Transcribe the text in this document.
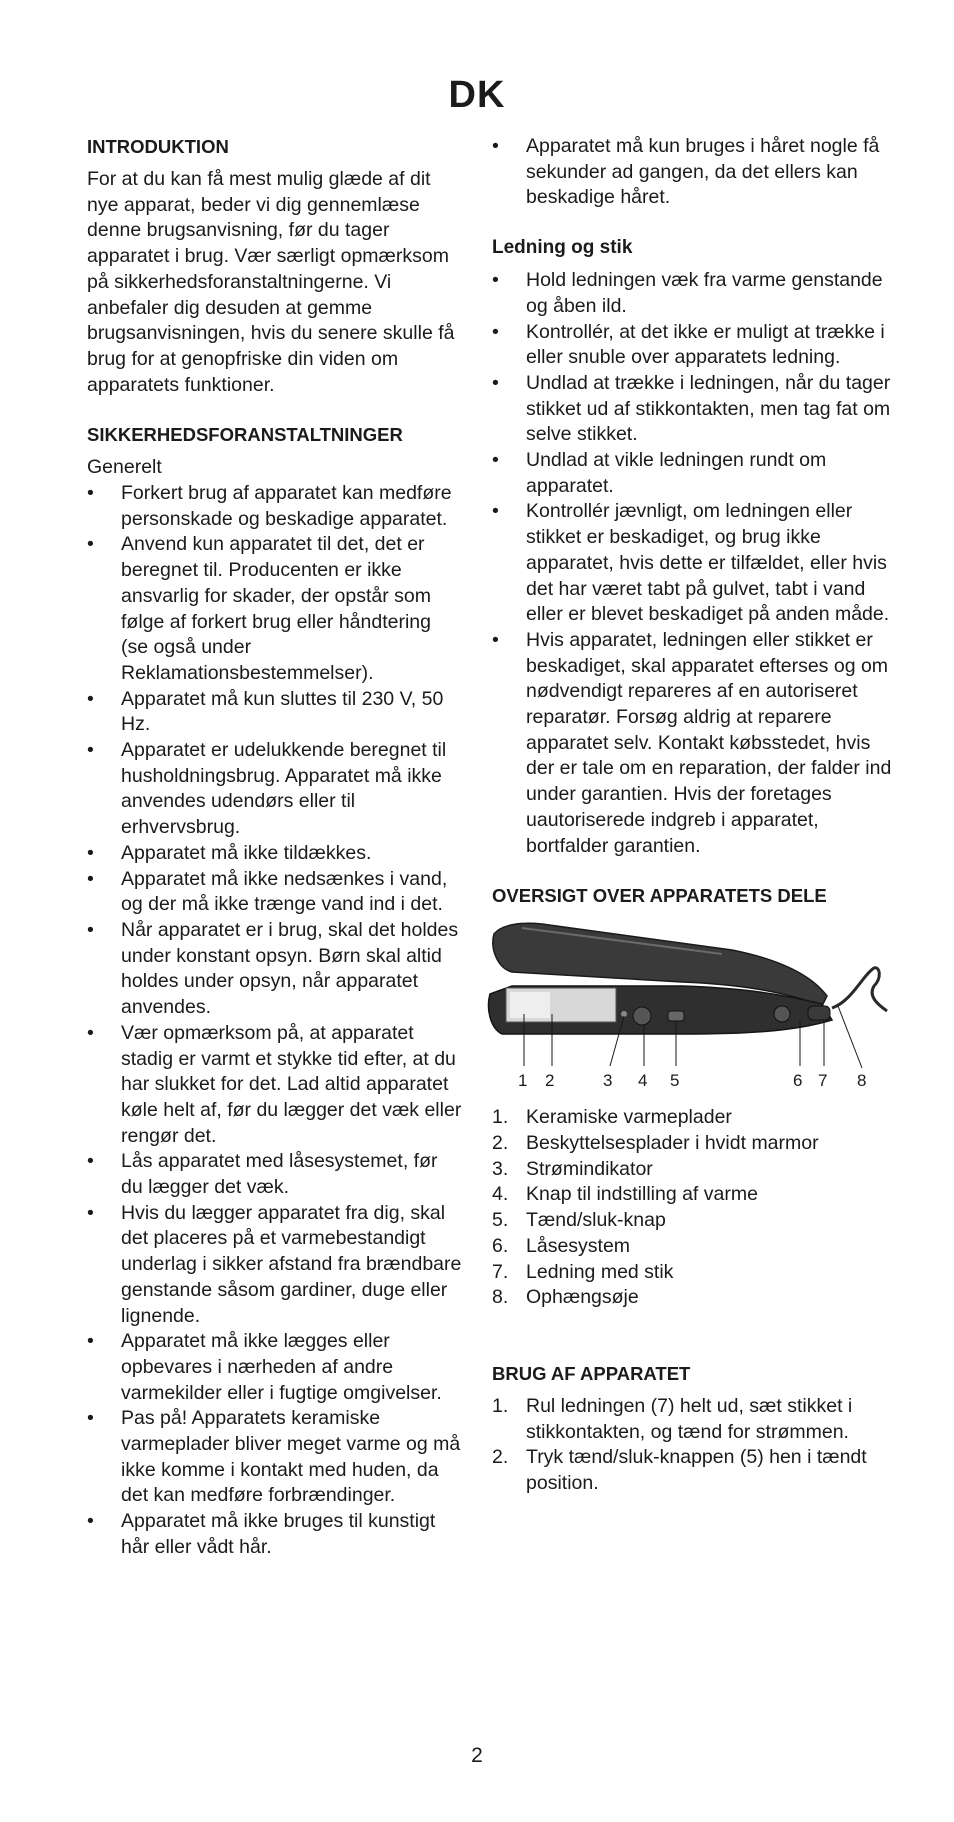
DK
INTRODUKTION

For at du kan få mest mulig glæde af dit nye apparat, beder vi dig gennemlæse denne brugsanvisning, før du tager apparatet i brug. Vær særligt opmærksom på sikkerhedsforanstaltningerne. Vi anbefaler dig desuden at gemme brugsanvisningen, hvis du senere skulle få brug for at genopfriske din viden om apparatets funktioner.

SIKKERHEDSFORANSTALTNINGER

Generelt

• Forkert brug af apparatet kan medføre personskade og beskadige apparatet.
• Anvend kun apparatet til det, det er beregnet til. Producenten er ikke ansvarlig for skader, der opstår som følge af forkert brug eller håndtering (se også under Reklamationsbestemmelser).
• Apparatet må kun sluttes til 230 V, 50 Hz.
• Apparatet er udelukkende beregnet til husholdningsbrug. Apparatet må ikke anvendes udendørs eller til erhvervsbrug.
• Apparatet må ikke tildækkes.
• Apparatet må ikke nedsænkes i vand, og der må ikke trænge vand ind i det.
• Når apparatet er i brug, skal det holdes under konstant opsyn. Børn skal altid holdes under opsyn, når apparatet anvendes.
• Vær opmærksom på, at apparatet stadig er varmt et stykke tid efter, at du har slukket for det. Lad altid apparatet køle helt af, før du lægger det væk eller rengør det.
• Lås apparatet med låsesystemet, før du lægger det væk.
• Hvis du lægger apparatet fra dig, skal det placeres på et varmebestandigt underlag i sikker afstand fra brændbare genstande såsom gardiner, duge eller lignende.
• Apparatet må ikke lægges eller opbevares i nærheden af andre varmekilder eller i fugtige omgivelser.
• Pas på! Apparatets keramiske varmeplader bliver meget varme og må ikke komme i kontakt med huden, da det kan medføre forbrændinger.
• Apparatet må ikke bruges til kunstigt hår eller vådt hår.
• Apparatet må kun bruges i håret nogle få sekunder ad gangen, da det ellers kan beskadige håret.
Ledning og stik
• Hold ledningen væk fra varme genstande og åben ild.
• Kontrollér, at det ikke er muligt at trække i eller snuble over apparatets ledning.
• Undlad at trække i ledningen, når du tager stikket ud af stikkontakten, men tag fat om selve stikket.
• Undlad at vikle ledningen rundt om apparatet.
• Kontrollér jævnligt, om ledningen eller stikket er beskadiget, og brug ikke apparatet, hvis dette er tilfældet, eller hvis det har været tabt på gulvet, tabt i vand eller er blevet beskadiget på anden måde.
• Hvis apparatet, ledningen eller stikket er beskadiget, skal apparatet efterses og om nødvendigt repareres af en autoriseret reparatør. Forsøg aldrig at reparere apparatet selv. Kontakt købsstedet, hvis der er tale om en reparation, der falder ind under garantien. Hvis der foretages uautoriserede indgreb i apparatet, bortfalder garantien.
OVERSIGT OVER APPARATETS DELE
1 2	3 4 5	6 7 8
1. Keramiske varmeplader
2. Beskyttelsesplader i hvidt marmor
3. Strømindikator
4. Knap til indstilling af varme
5. Tænd/sluk-knap
6. Låsesystem
7. Ledning med stik
8. Ophængsøje
BRUG AF APPARATET
1. Rul ledningen (7) helt ud, sæt stikket i stikkontakten, og tænd for strømmen.
2. Tryk tænd/sluk-knappen (5) hen i tændt position.
2
